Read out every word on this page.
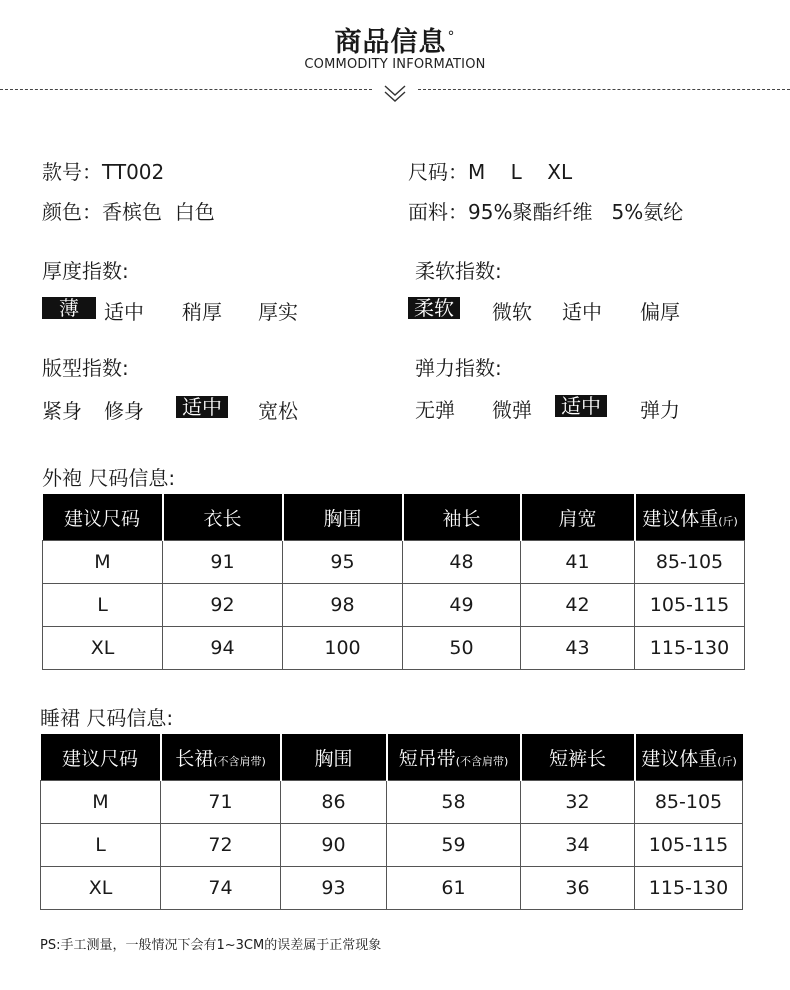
商品信息°
COMMODITY INFORMATION
款号：TT002	尺码：M    L    XL
颜色：香槟色  白色	面料：95%聚酯纤维   5%氨纶
厚度指数:
薄	适中 稍厚 厚实
柔软指数:
柔软	微软 适中 偏厚
版型指数:
紧身 修身	适中	宽松
弹力指数:
无弹 微弹	适中	弹力
外袍 尺码信息:
建议尺码	衣长	胸围	袖长	肩宽	建议体重(斤)
M	91	95	48	41	85-105
L	92	98	49	42	105-115
XL	94	100	50	43	115-130
睡裙 尺码信息:
建议尺码	长裙(不含肩带)	胸围	短吊带(不含肩带)	短裤长	建议体重(斤)
M	71	86	58	32	85-105
L	72	90	59	34	105-115
XL	74	93	61	36	115-130
PS:手工测量，一般情况下会有1~3CM的误差属于正常现象
